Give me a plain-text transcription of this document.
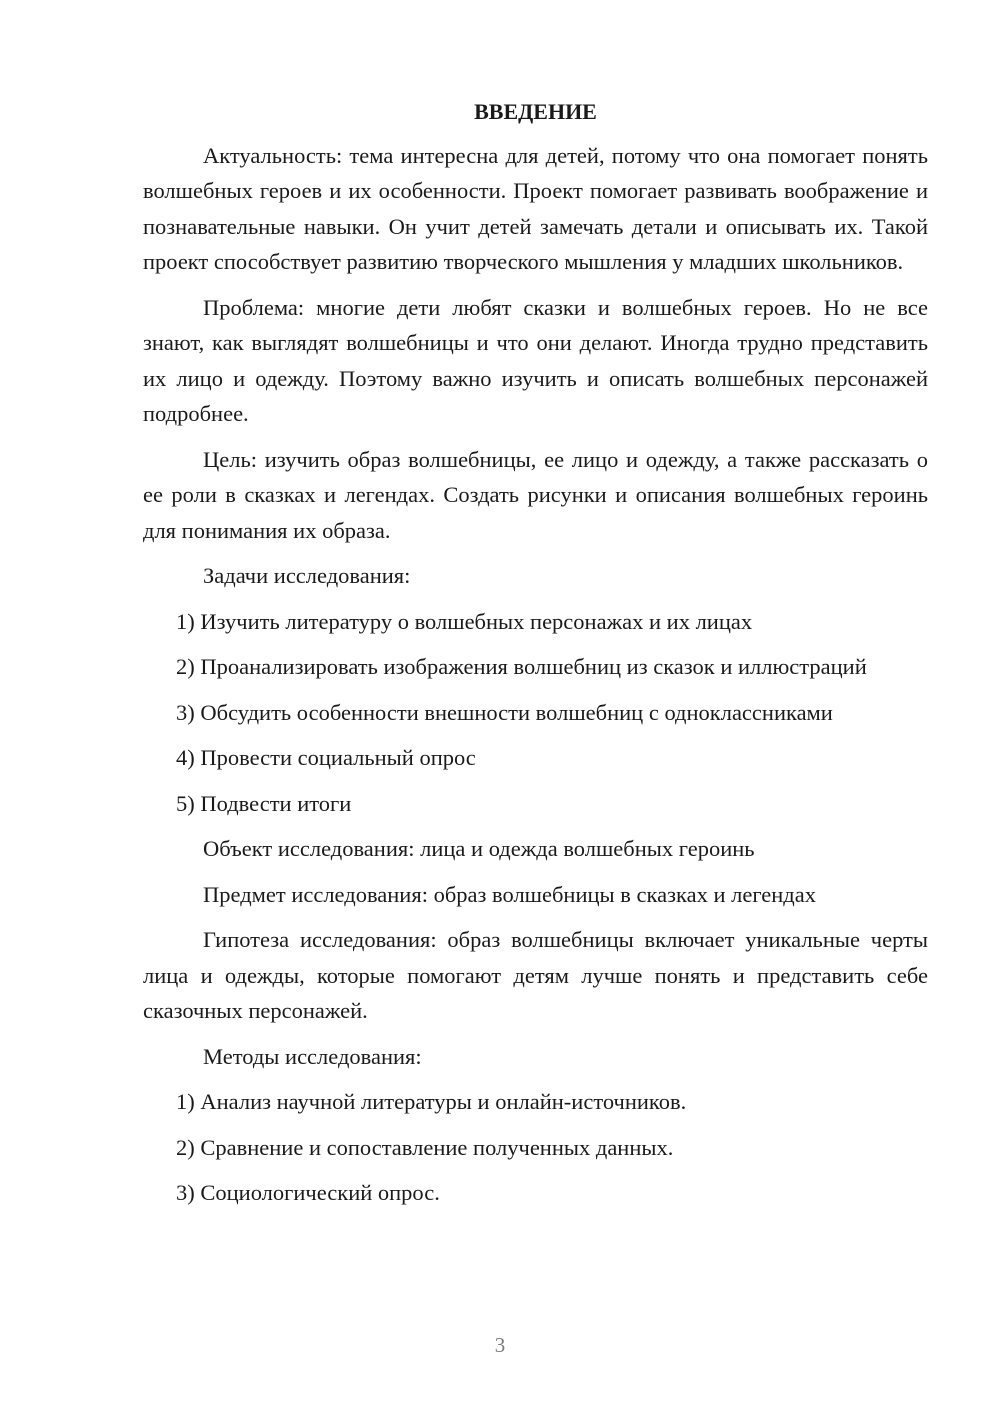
ВВЕДЕНИЕ

Актуальность: тема интересна для детей, потому что она помогает понять волшебных героев и их особенности. Проект помогает развивать воображение и познавательные навыки. Он учит детей замечать детали и описывать их. Такой проект способствует развитию творческого мышления у младших школьников.

Проблема: многие дети любят сказки и волшебных героев. Но не все знают, как выглядят волшебницы и что они делают. Иногда трудно представить их лицо и одежду. Поэтому важно изучить и описать волшебных персонажей подробнее.

Цель: изучить образ волшебницы, ее лицо и одежду, а также рассказать о ее роли в сказках и легендах. Создать рисунки и описания волшебных героинь для понимания их образа.

Задачи исследования:
1) Изучить литературу о волшебных персонажах и их лицах
2) Проанализировать изображения волшебниц из сказок и иллюстраций
3) Обсудить особенности внешности волшебниц с одноклассниками
4) Провести социальный опрос
5) Подвести итоги
Объект исследования: лица и одежда волшебных героинь
Предмет исследования: образ волшебницы в сказках и легендах

Гипотеза исследования: образ волшебницы включает уникальные черты лица и одежды, которые помогают детям лучше понять и представить себе сказочных персонажей.

Методы исследования:
1) Анализ научной литературы и онлайн-источников.
2) Сравнение и сопоставление полученных данных.
3) Социологический опрос.
3
